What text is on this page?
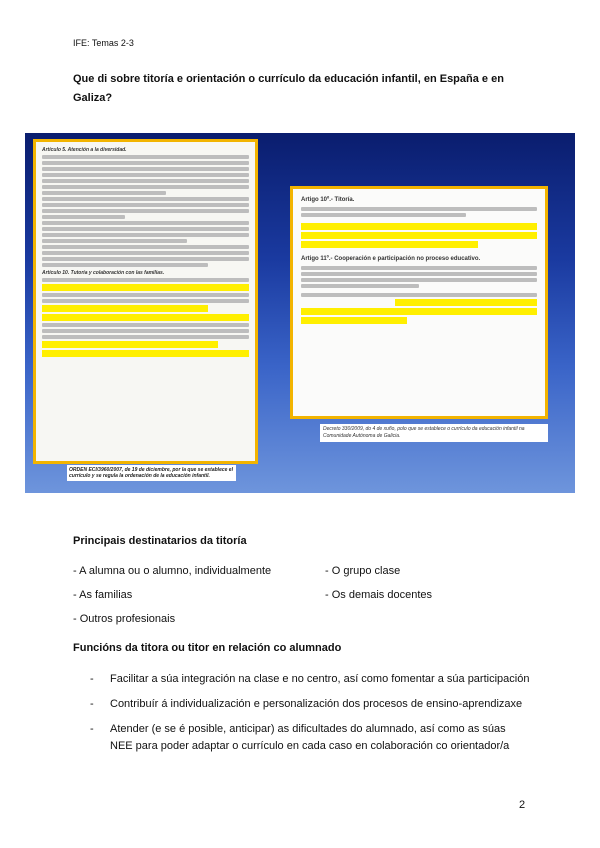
IFE: Temas 2-3
Que di sobre titoría e orientación o currículo da educación infantil, en España e en Galiza?
Artículo 5. Atención a la diversidad.
Artículo 10. Tutoría y colaboración con las familias.
ORDEN ECI/3960/2007, de 19 de diciembre, por la que se establece el currículo y se regula la ordenación de la educación infantil.
Artigo 10º.- Titoría.
Artigo 11º.- Cooperación e participación no proceso educativo.
Decreto 330/2009, do 4 de xuño, polo que se establece o currículo da educación infantil na Comunidade Autónoma de Galicia.
Principais destinatarios da titoría
- A alumna ou o alumno, individualmente	- O grupo clase
- As familias	- Os demais docentes
- Outros profesionais
Funcións da titora ou titor en relación co alumnado
- Facilitar a súa integración na clase e no centro, así como fomentar a súa participación
- Contribuír á individualización e personalización dos procesos de ensino-aprendizaxe
- Atender (e se é posible, anticipar) as dificultades do alumnado, así como as súas NEE para poder adaptar o currículo en cada caso en colaboración co orientador/a
2
